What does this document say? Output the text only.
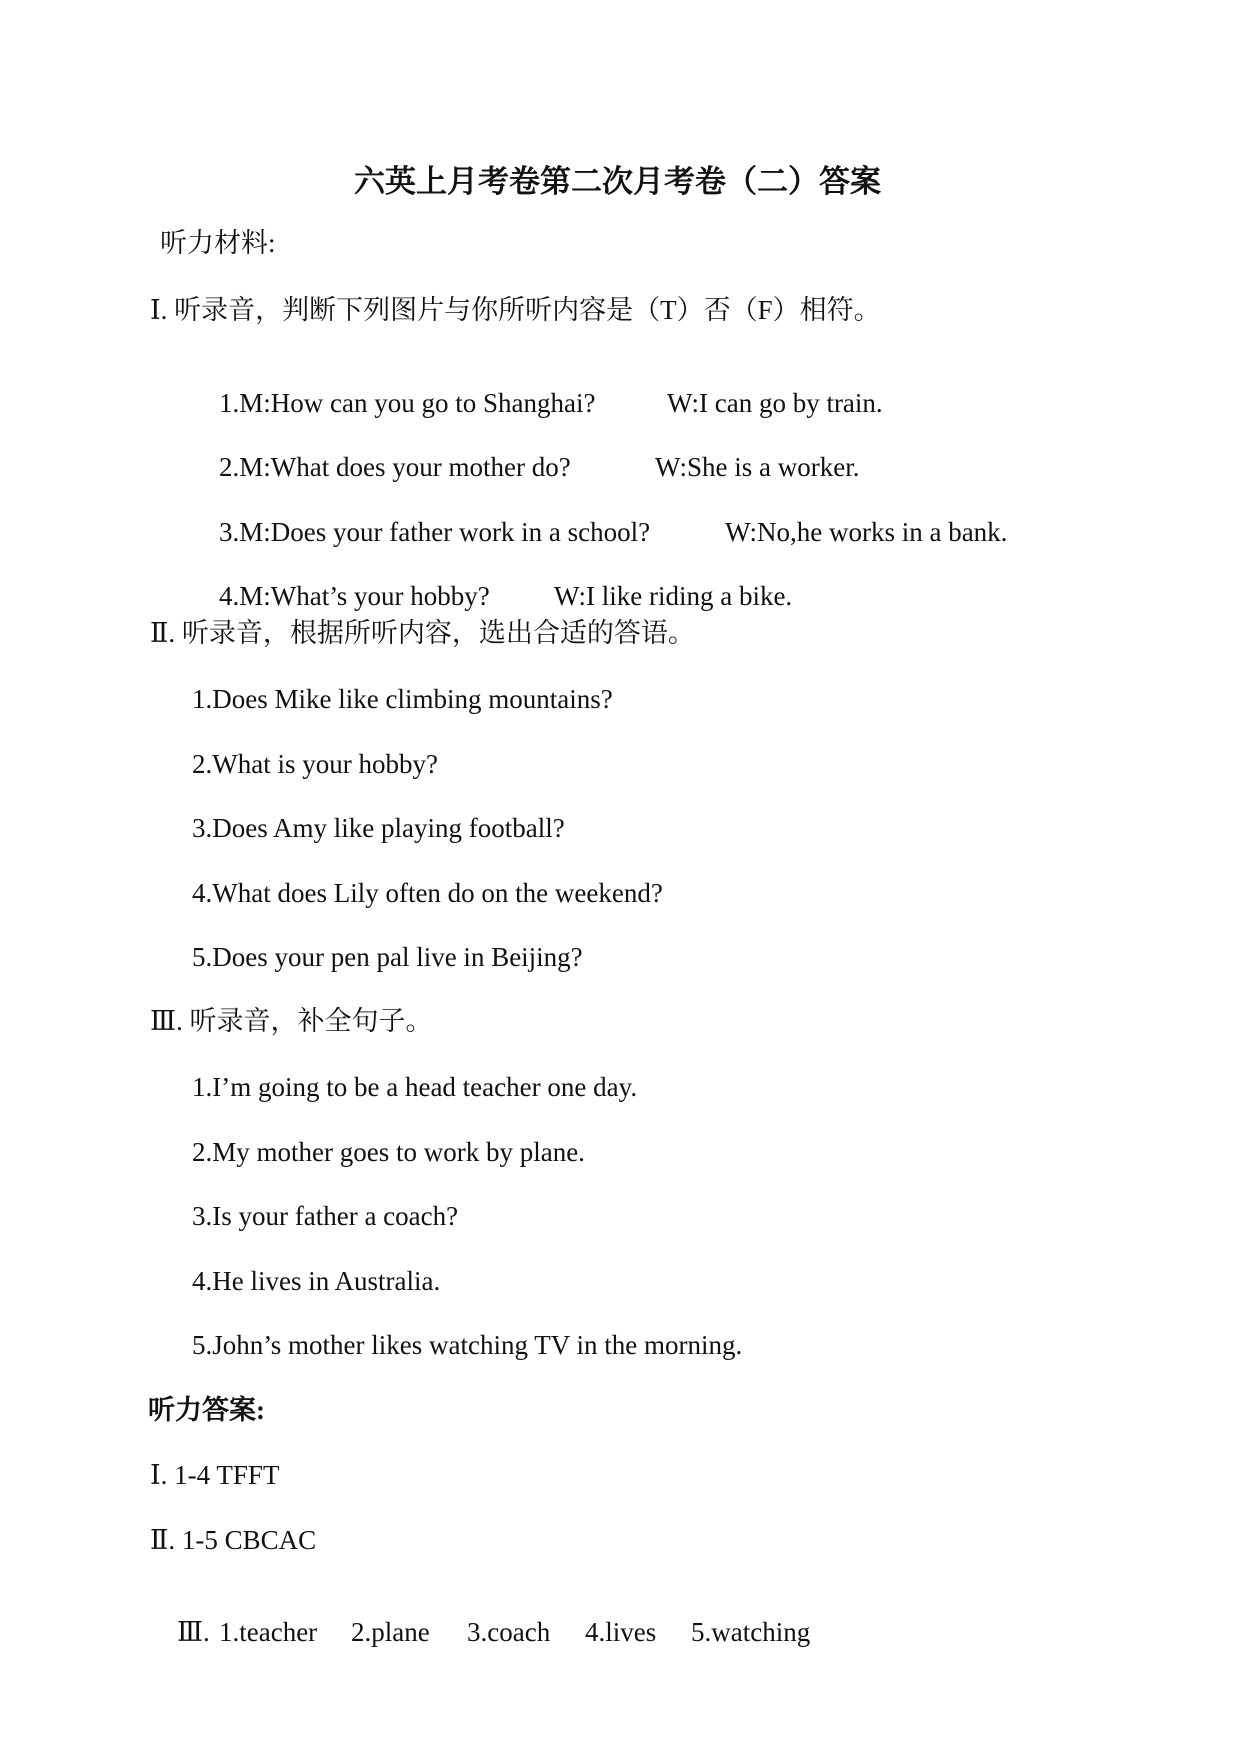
六英上月考卷第二次月考卷（二）答案
听力材料:
Ⅰ. 听录音，判断下列图片与你所听内容是（T）否（F）相符。

1.M:How can you go to Shanghai?	W:I can go by train.

2.M:What does your mother do?	W:She is a worker.

3.M:Does your father work in a school?	W:No,he works in a bank.

4.M:What’s your hobby? W:I like riding a bike.

Ⅱ. 听录音，根据所听内容，选出合适的答语。
1.Does Mike like climbing mountains?
2.What is your hobby?
3.Does Amy like playing football?
4.What does Lily often do on the weekend?
5.Does your pen pal live in Beijing?
Ⅲ. 听录音，补全句子。
1.I’m going to be a head teacher one day.
2.My mother goes to work by plane.
3.Is your father a coach?
4.He lives in Australia.
5.John’s mother likes watching TV in the morning.
听力答案:
Ⅰ. 1-4 TFFT
Ⅱ. 1-5 CBCAC

Ⅲ. 1.teacher 2.plane 3.coach 4.lives 5.watching
